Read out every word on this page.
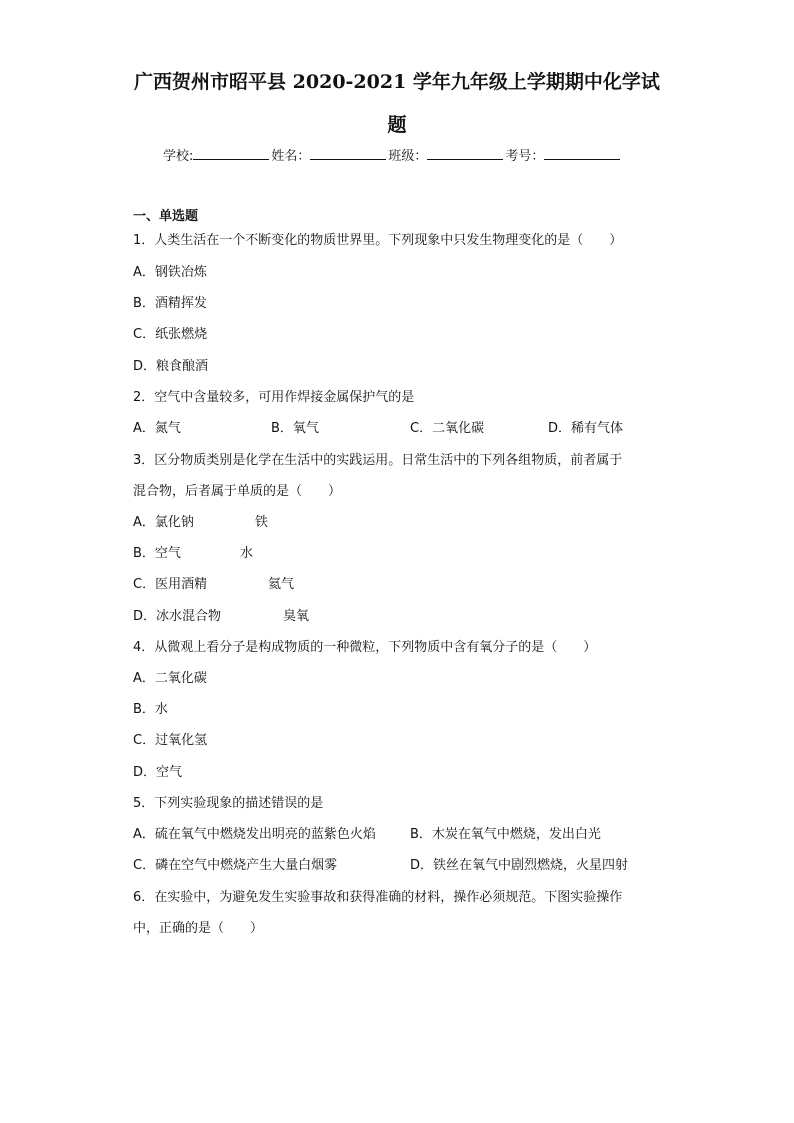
广西贺州市昭平县 2020-2021 学年九年级上学期期中化学试
题
学校:	姓名：	班级：	考号：
一、单选题
1．人类生活在一个不断变化的物质世界里。下列现象中只发生物理变化的是（　　）
A．钢铁冶炼
B．酒精挥发
C．纸张燃烧
D．粮食酿酒
2．空气中含量较多，可用作焊接金属保护气的是
A．氮气	B．氧气	C．二氧化碳	D．稀有气体
3．区分物质类别是化学在生活中的实践运用。日常生活中的下列各组物质，前者属于
混合物，后者属于单质的是（　　）
A．氯化钠	铁
B．空气	水
C．医用酒精	氦气
D．冰水混合物	臭氧
4．从微观上看分子是构成物质的一种微粒，下列物质中含有氧分子的是（　　）
A．二氧化碳
B．水
C．过氧化氢
D．空气
5．下列实验现象的描述错误的是
A．硫在氧气中燃烧发出明亮的蓝紫色火焰	B．木炭在氧气中燃烧，发出白光
C．磷在空气中燃烧产生大量白烟雾	D．铁丝在氧气中剧烈燃烧，火星四射
6．在实验中，为避免发生实验事故和获得准确的材料，操作必须规范。下图实验操作
中，正确的是（　　）
